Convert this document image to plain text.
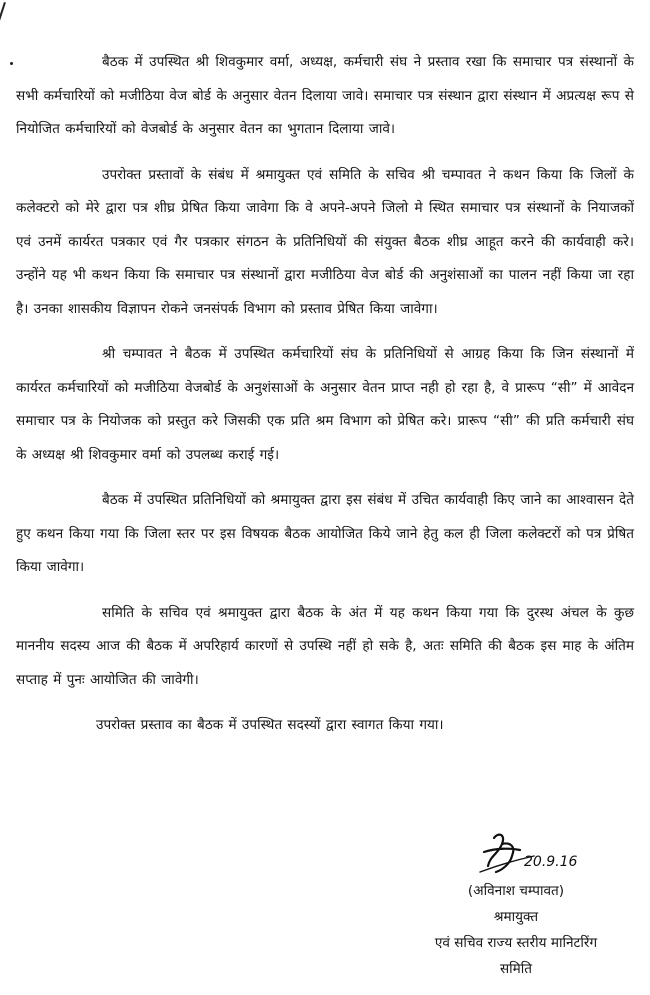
बैठक में उपस्थित श्री शिवकुमार वर्मा, अध्यक्ष, कर्मचारी संघ ने प्रस्ताव रखा कि समाचार पत्र संस्थानों के सभी कर्मचारियों को मजीठिया वेज बोर्ड के अनुसार वेतन दिलाया जावे। समाचार पत्र संस्थान द्वारा संस्थान में अप्रत्यक्ष रूप से नियोजित कर्मचारियों को वेजबोर्ड के अनुसार वेतन का भुगतान दिलाया जावे।

उपरोक्त प्रस्तावों के संबंध में श्रमायुक्त एवं समिति के सचिव श्री चम्पावत ने कथन किया कि जिलों के कलेक्टरो को मेरे द्वारा पत्र शीघ्र प्रेषित किया जावेगा कि वे अपने-अपने जिलो मे स्थित समाचार पत्र संस्थानों के नियाजकों एवं उनमें कार्यरत पत्रकार एवं गैर पत्रकार संगठन के प्रतिनिधियों की संयुक्त बैठक शीघ्र आहूत करने की कार्यवाही करे। उन्होंने यह भी कथन किया कि समाचार पत्र संस्थानों द्वारा मजीठिया वेज बोर्ड की अनुशंसाओं का पालन नहीं किया जा रहा है। उनका शासकीय विज्ञापन रोकने जनसंपर्क विभाग को प्रस्ताव प्रेषित किया जावेगा।

श्री चम्पावत ने बैठक में उपस्थित कर्मचारियों संघ के प्रतिनिधियों से आग्रह किया कि जिन संस्थानों में कार्यरत कर्मचारियों को मजीठिया वेजबोर्ड के अनुशंसाओं के अनुसार वेतन प्राप्त नही हो रहा है, वे प्रारूप “सी” में आवेदन समाचार पत्र के नियोजक को प्रस्तुत करे जिसकी एक प्रति श्रम विभाग को प्रेषित करे। प्रारूप “सी” की प्रति कर्मचारी संघ के अध्यक्ष श्री शिवकुमार वर्मा को उपलब्ध कराई गई।

बैठक में उपस्थित प्रतिनिधियों को श्रमायुक्त द्वारा इस संबंध में उचित कार्यवाही किए जाने का आश्वासन देते हुए कथन किया गया कि जिला स्तर पर इस विषयक बैठक आयोजित किये जाने हेतु कल ही जिला कलेक्टरों को पत्र प्रेषित किया जावेगा।

समिति के सचिव एवं श्रमायुक्त द्वारा बैठक के अंत में यह कथन किया गया कि दुरस्थ अंचल के कुछ माननीय सदस्य आज की बैठक में अपरिहार्य कारणों से उपस्थि नहीं हो सके है, अतः समिति की बैठक इस माह के अंतिम सप्ताह में पुनः आयोजित की जावेगी।

उपरोक्त प्रस्ताव का बैठक में उपस्थित सदस्यों द्वारा स्वागत किया गया।

20.9.16
(अविनाश चम्पावत)
श्रमायुक्त
एवं सचिव राज्य स्तरीय मानिटरिंग
समिति
